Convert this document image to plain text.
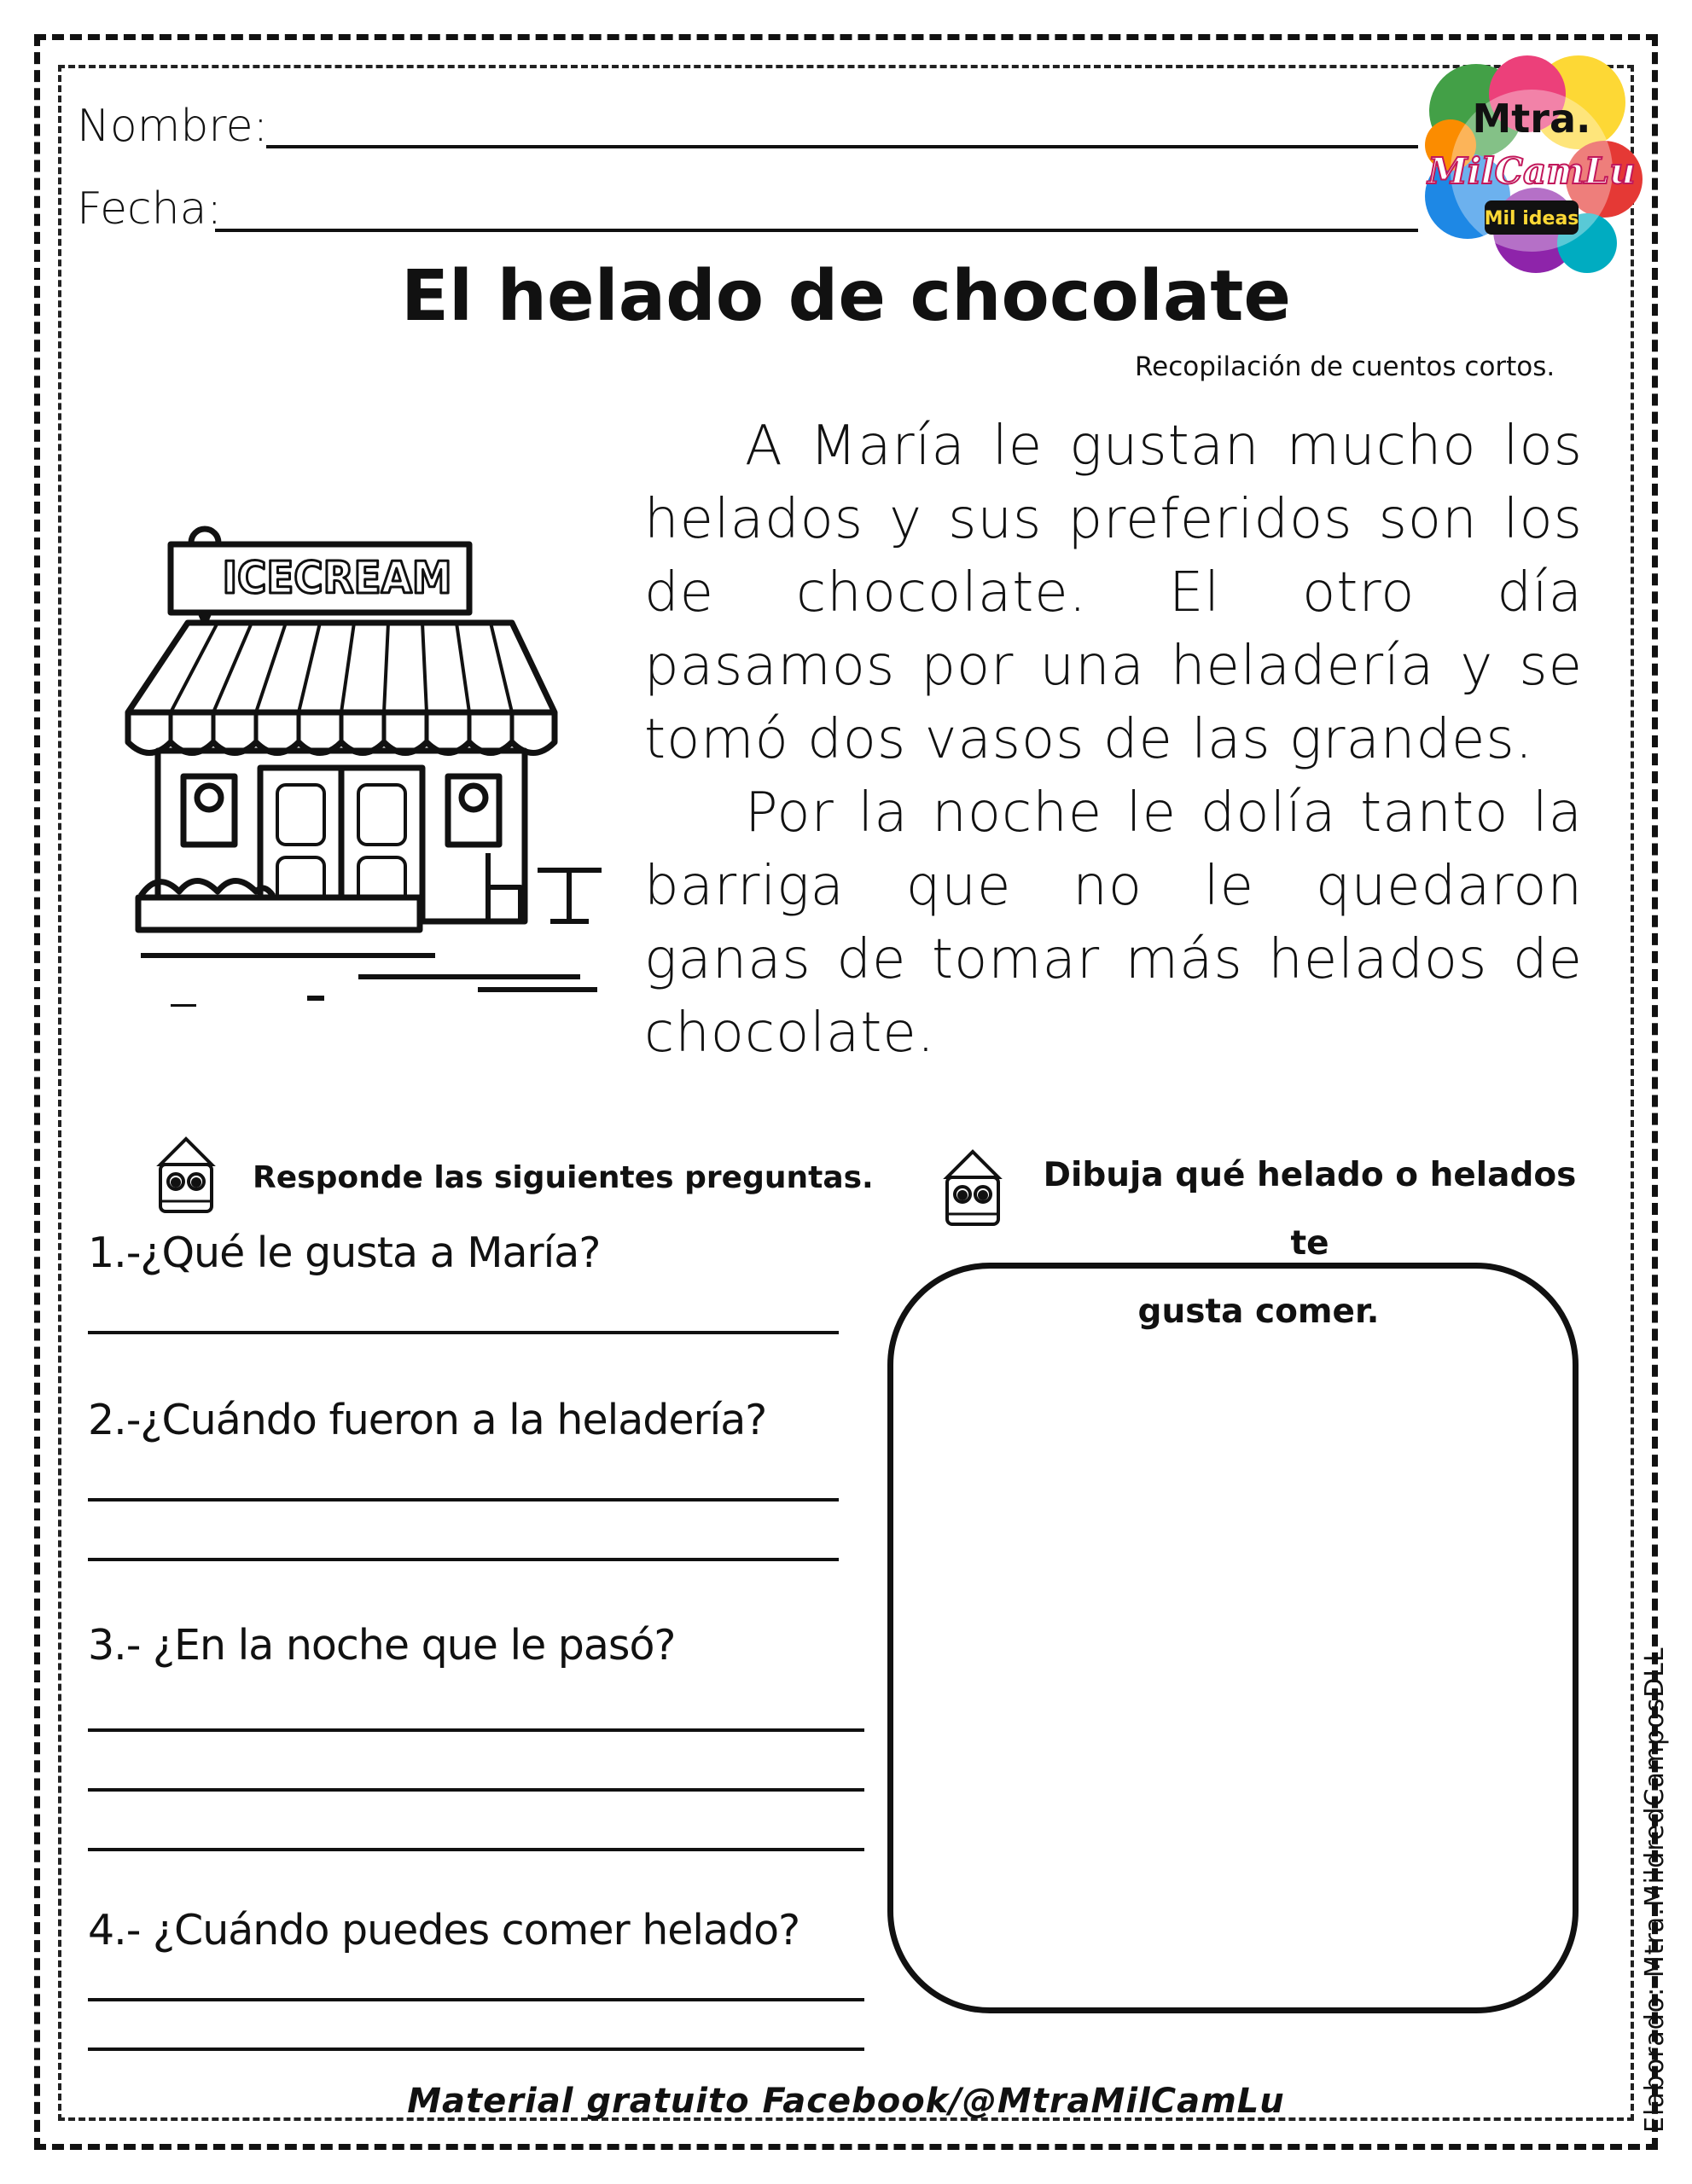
Nombre:
Fecha:
Mtra.
MilCamLu
Mil ideas
El helado de chocolate
Recopilación de cuentos cortos.
ICECREAM

A María le gustan mucho los helados y sus preferidos son los de chocolate. El otro día pasamos por una heladería y se tomó dos vasos de las grandes.

Por la noche le dolía tanto la barriga que no le quedaron ganas de tomar más helados de chocolate.

Responde las siguientes preguntas.
1.-¿Qué le gusta a María?
2.-¿Cuándo fueron a la heladería?
3.- ¿En la noche que le pasó?
4.- ¿Cuándo puedes comer helado?
Dibuja qué helado o helados te
gusta comer.
Elaborado: Mtra.MildredCamposDLL
Material gratuito Facebook/@MtraMilCamLu
